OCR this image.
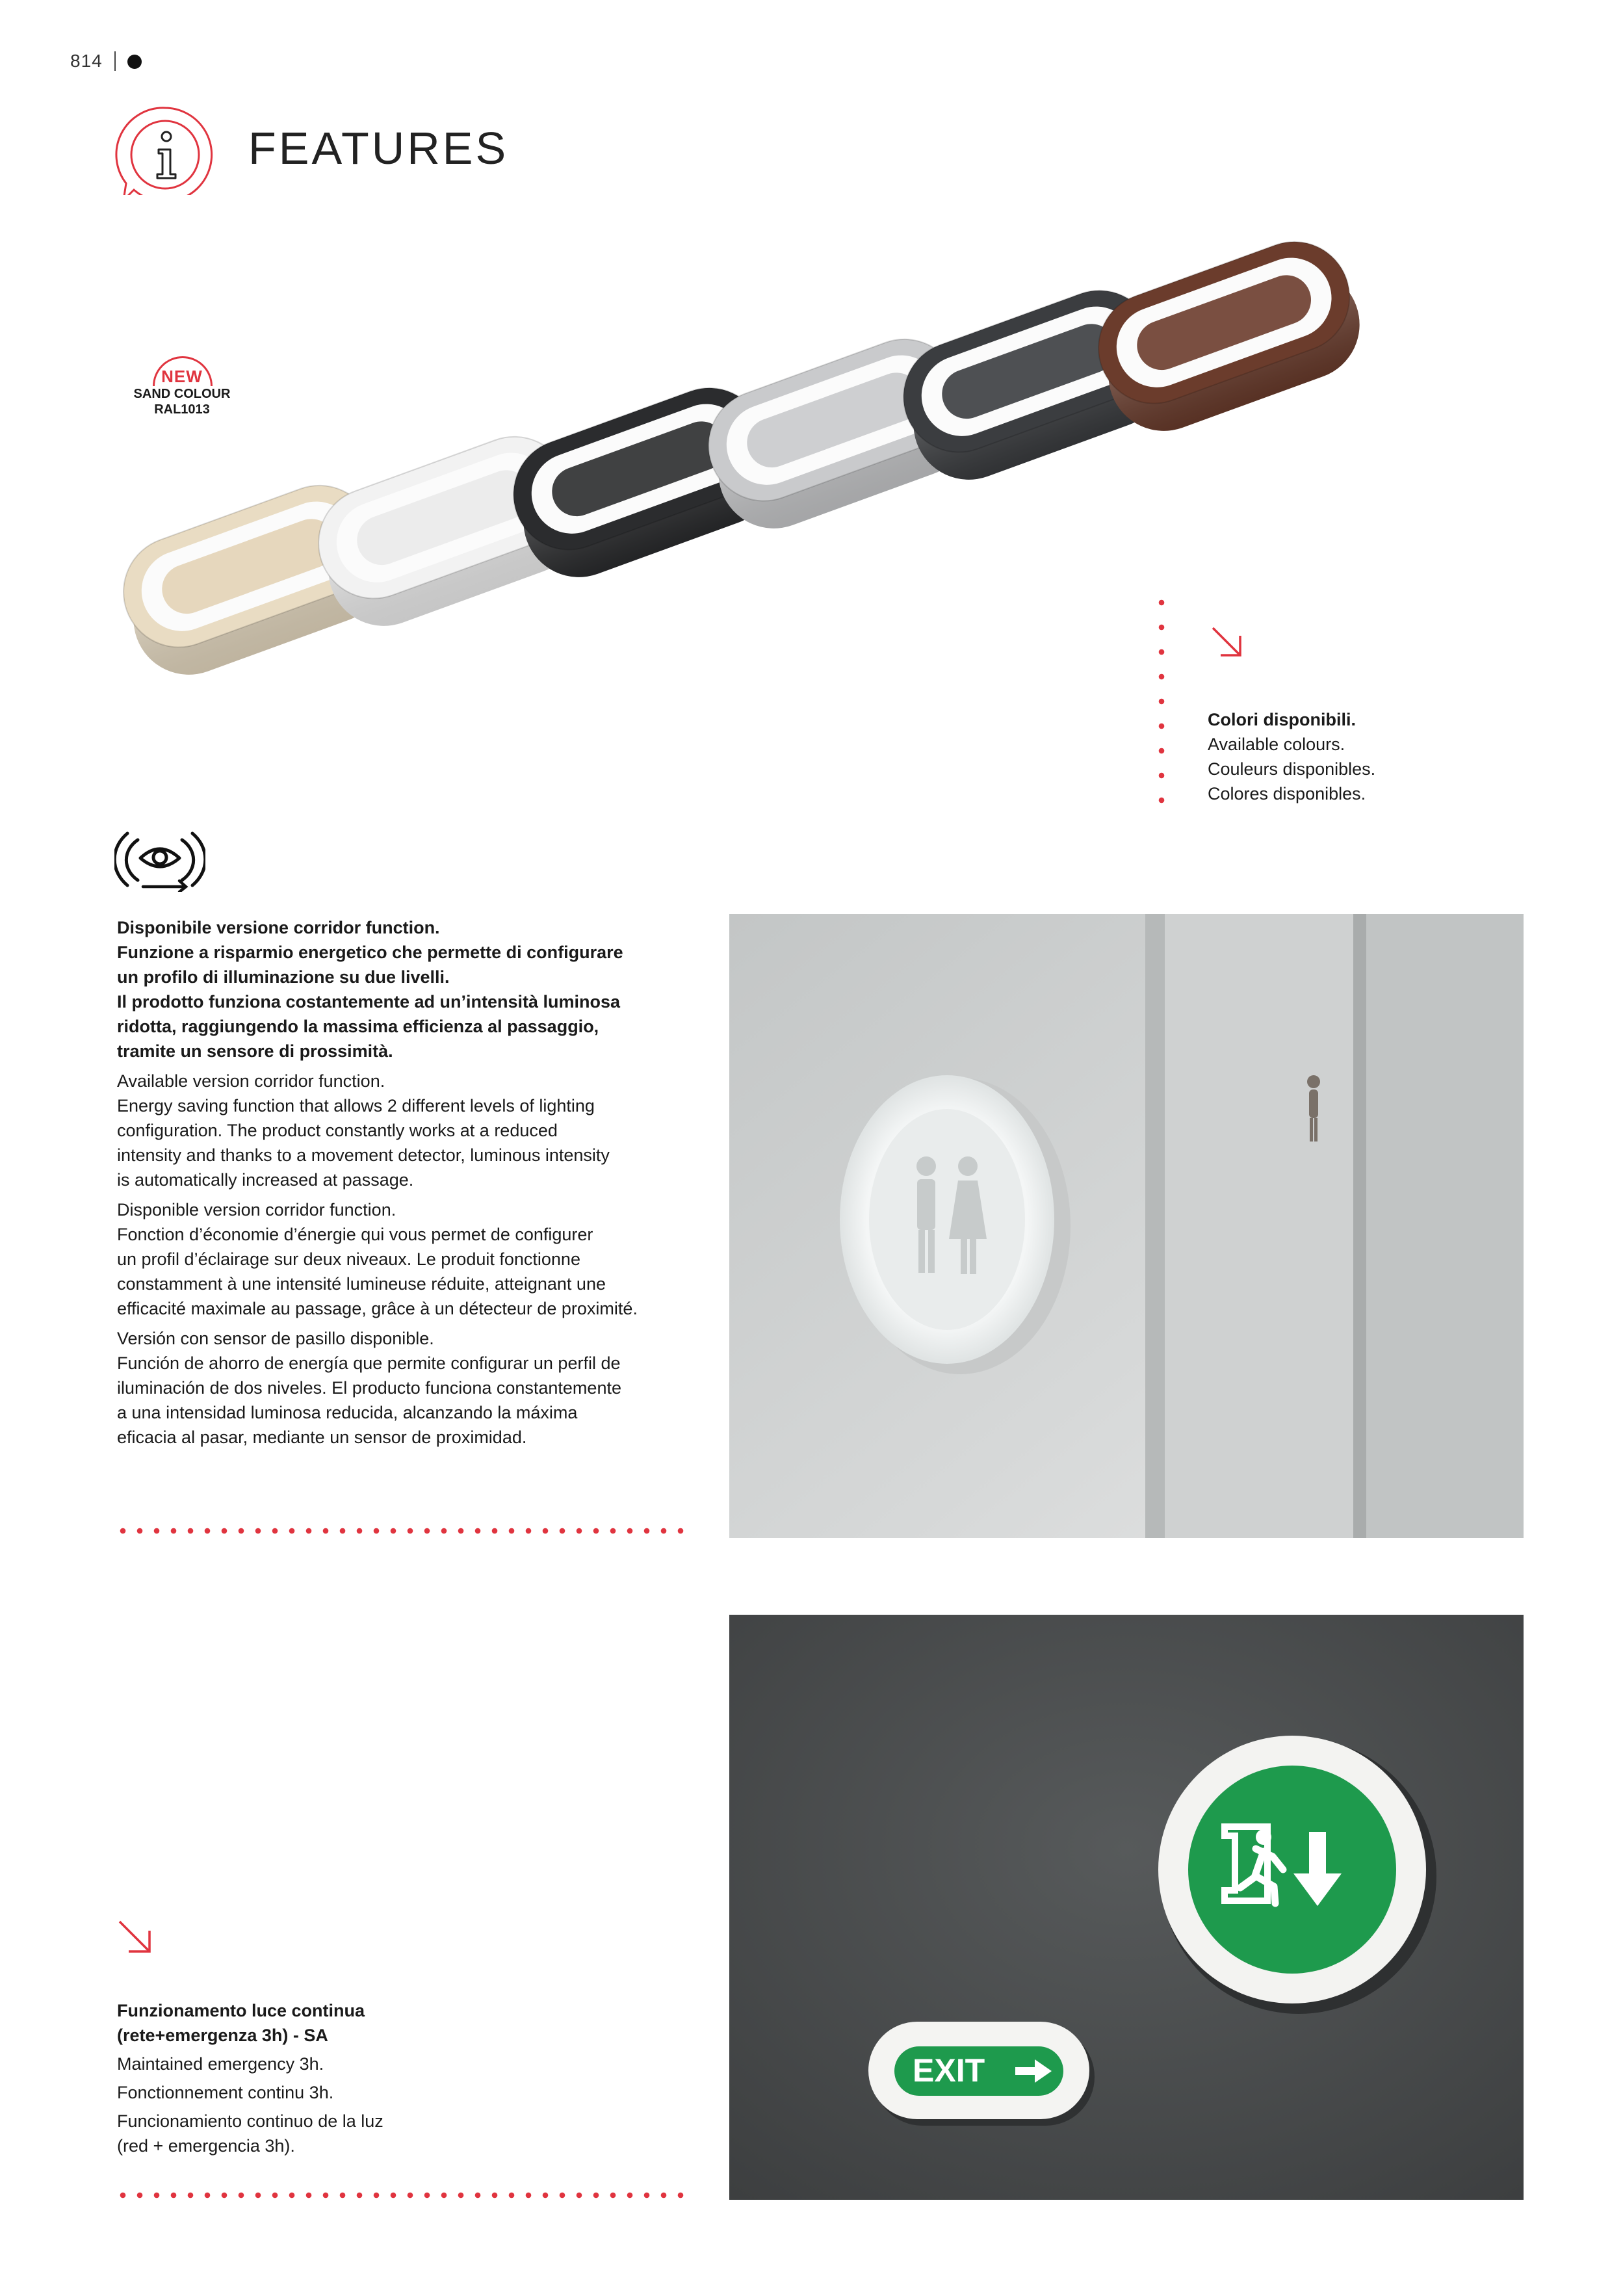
814
FEATURES
NEW
SAND COLOUR
RAL1013
Colori disponibili.
Available colours.
Couleurs disponibles.
Colores disponibles.

Disponibile versione corridor function.
Funzione a risparmio energetico che permette di configurare
un profilo di illuminazione su due livelli.
Il prodotto funziona costantemente ad un’intensità luminosa
ridotta, raggiungendo la massima efficienza al passaggio,
tramite un sensore di prossimità.

Available version corridor function.
Energy saving function that allows 2 different levels of lighting
configuration. The product constantly works at a reduced
intensity and thanks to a movement detector, luminous intensity
is automatically increased at passage.

Disponible version corridor function.
Fonction d’économie d’énergie qui vous permet de configurer
un profil d’éclairage sur deux niveaux. Le produit fonctionne
constamment à une intensité lumineuse réduite, atteignant une
efficacité maximale au passage, grâce à un détecteur de proximité.

Versión con sensor de pasillo disponible.
Función de ahorro de energía que permite configurar un perfil de
iluminación de dos niveles. El producto funciona constantemente
a una intensidad luminosa reducida, alcanzando la máxima
eficacia al pasar, mediante un sensor de proximidad.

Funzionamento luce continua
(rete+emergenza 3h) - SA
Maintained emergency 3h.
Fonctionnement continu 3h.
Funcionamiento continuo de la luz
(red + emergencia 3h).
EXIT
